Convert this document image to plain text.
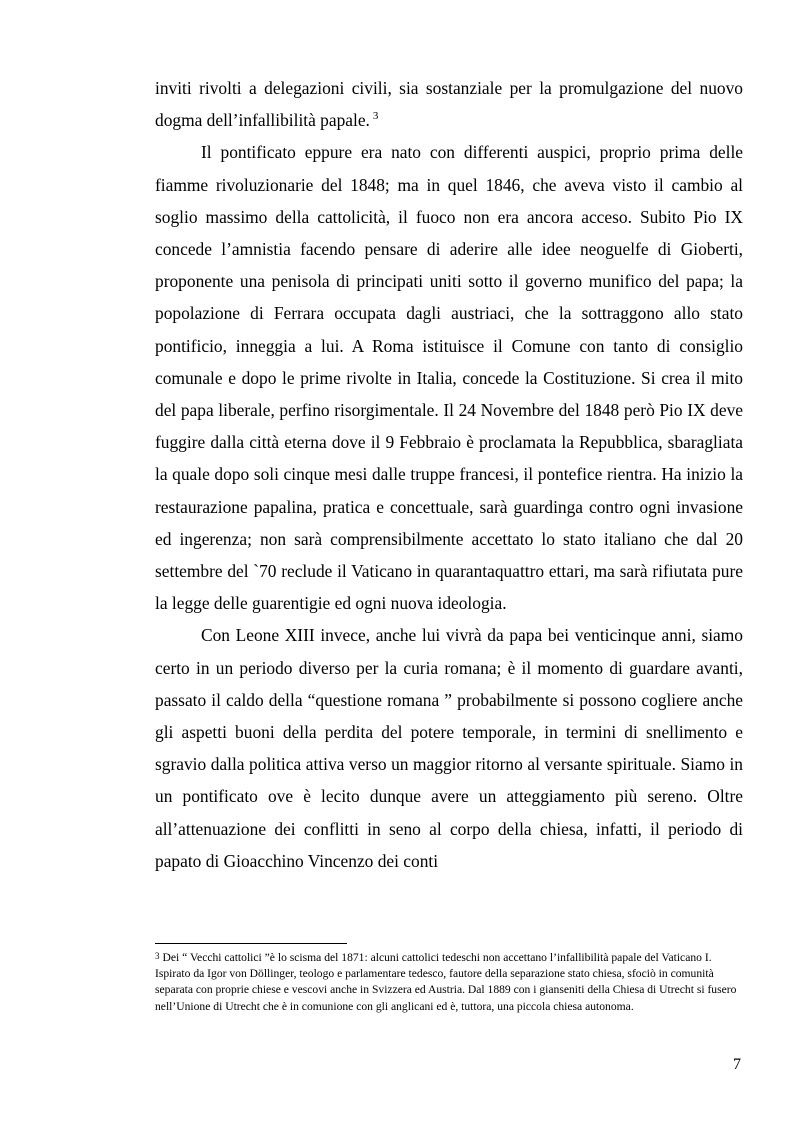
inviti rivolti a delegazioni civili, sia sostanziale per la promulgazione del nuovo dogma dell’infallibilità papale. $^3$

Il pontificato eppure era nato con differenti auspici, proprio prima delle fiamme rivoluzionarie del 1848; ma in quel 1846, che aveva visto il cambio al soglio massimo della cattolicità, il fuoco non era ancora acceso. Subito Pio IX concede l’amnistia facendo pensare di aderire alle idee neoguelfe di Gioberti, proponente una penisola di principati uniti sotto il governo munifico del papa; la popolazione di Ferrara occupata dagli austriaci, che la sottraggono allo stato pontificio, inneggia a lui. A Roma istituisce il Comune con tanto di consiglio comunale e dopo le prime rivolte in Italia, concede la Costituzione. Si crea il mito del papa liberale, perfino risorgimentale. Il 24 Novembre del 1848 però Pio IX deve fuggire dalla città eterna dove il 9 Febbraio è proclamata la Repubblica, sbaragliata la quale dopo soli cinque mesi dalle truppe francesi, il pontefice rientra. Ha inizio la restaurazione papalina, pratica e concettuale, sarà guardinga contro ogni invasione ed ingerenza; non sarà comprensibilmente accettato lo stato italiano che dal 20 settembre del `70 reclude il Vaticano in quarantaquattro ettari, ma sarà rifiutata pure la legge delle guarentigie ed ogni nuova ideologia.

Con Leone XIII invece, anche lui vivrà da papa bei venticinque anni, siamo certo in un periodo diverso per la curia romana; è il momento di guardare avanti, passato il caldo della “questione romana ” probabilmente si possono cogliere anche gli aspetti buoni della perdita del potere temporale, in termini di snellimento e sgravio dalla politica attiva verso un maggior ritorno al versante spirituale. Siamo in un pontificato ove è lecito dunque avere un atteggiamento più sereno. Oltre all’attenuazione dei conflitti in seno al corpo della chiesa, infatti, il periodo di papato di Gioacchino Vincenzo dei conti

$^3$ Dei “ Vecchi cattolici ”è lo scisma del 1871: alcuni cattolici tedeschi non accettano l’infallibilità papale del Vaticano I. Ispirato da Igor von Döllinger, teologo e parlamentare tedesco, fautore della separazione stato chiesa, sfociò in comunità separata con proprie chiese e vescovi anche in Svizzera ed Austria. Dal 1889 con i gianseniti della Chiesa di Utrecht si fusero nell’Unione di Utrecht che è in comunione con gli anglicani ed è, tuttora, una piccola chiesa autonoma.
7
